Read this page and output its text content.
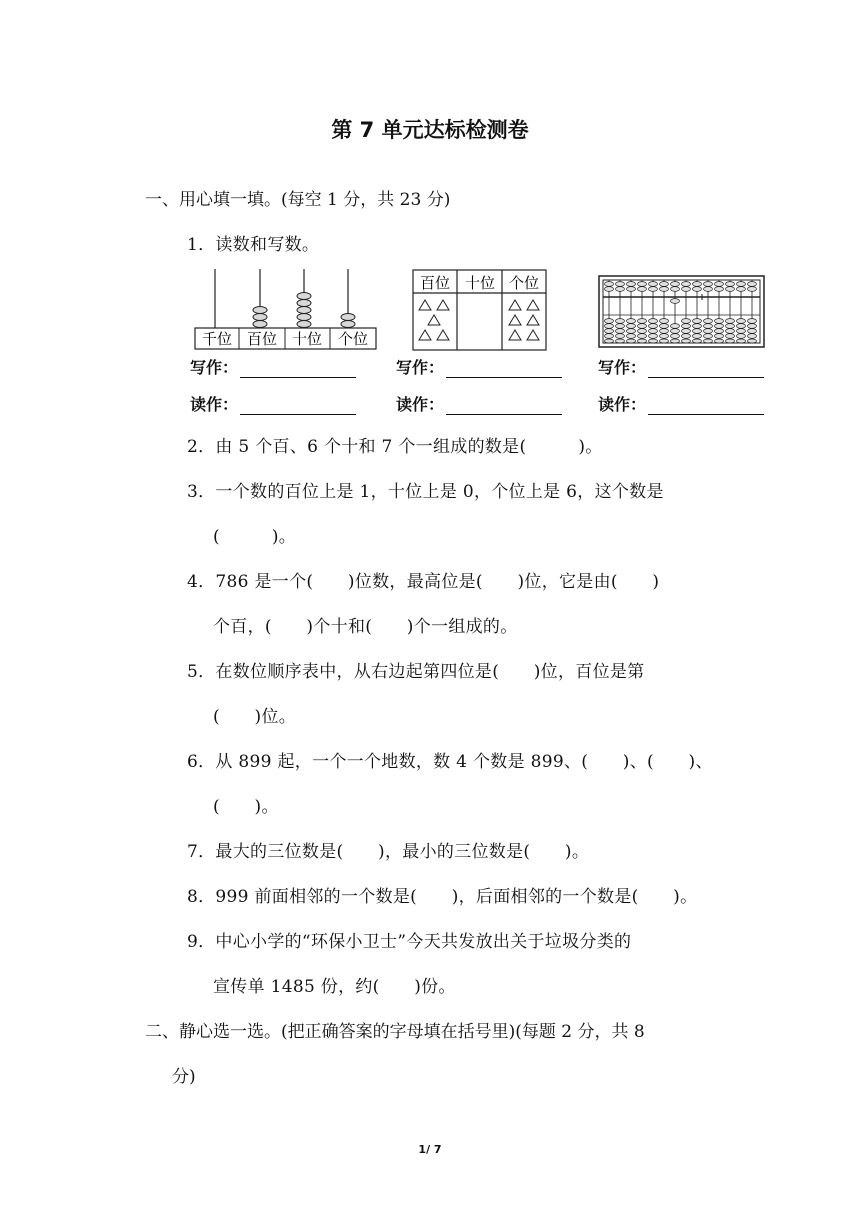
第 7 单元达标检测卷
一、用心填一填。(每空 1 分，共 23 分)
1．读数和写数。
千位 百位 十位 个位
百位 十位 个位
写作：	写作：	写作：
读作：	读作：	读作：
2．由 5 个百、6 个十和 7 个一组成的数是(　　　)。
3．一个数的百位上是 1，十位上是 0，个位上是 6，这个数是
(　　　)。
4．786 是一个(　　)位数，最高位是(　　)位，它是由(　　)
个百，(　　)个十和(　　)个一组成的。
5．在数位顺序表中，从右边起第四位是(　　)位，百位是第
(　　)位。
6．从 899 起，一个一个地数，数 4 个数是 899、(　　)、(　　)、
(　　)。
7．最大的三位数是(　　)，最小的三位数是(　　)。
8．999 前面相邻的一个数是(　　)，后面相邻的一个数是(　　)。
9．中心小学的“环保小卫士”今天共发放出关于垃圾分类的
宣传单 1485 份，约(　　)份。
二、静心选一选。(把正确答案的字母填在括号里)(每题 2 分，共 8
分)
1/ 7
